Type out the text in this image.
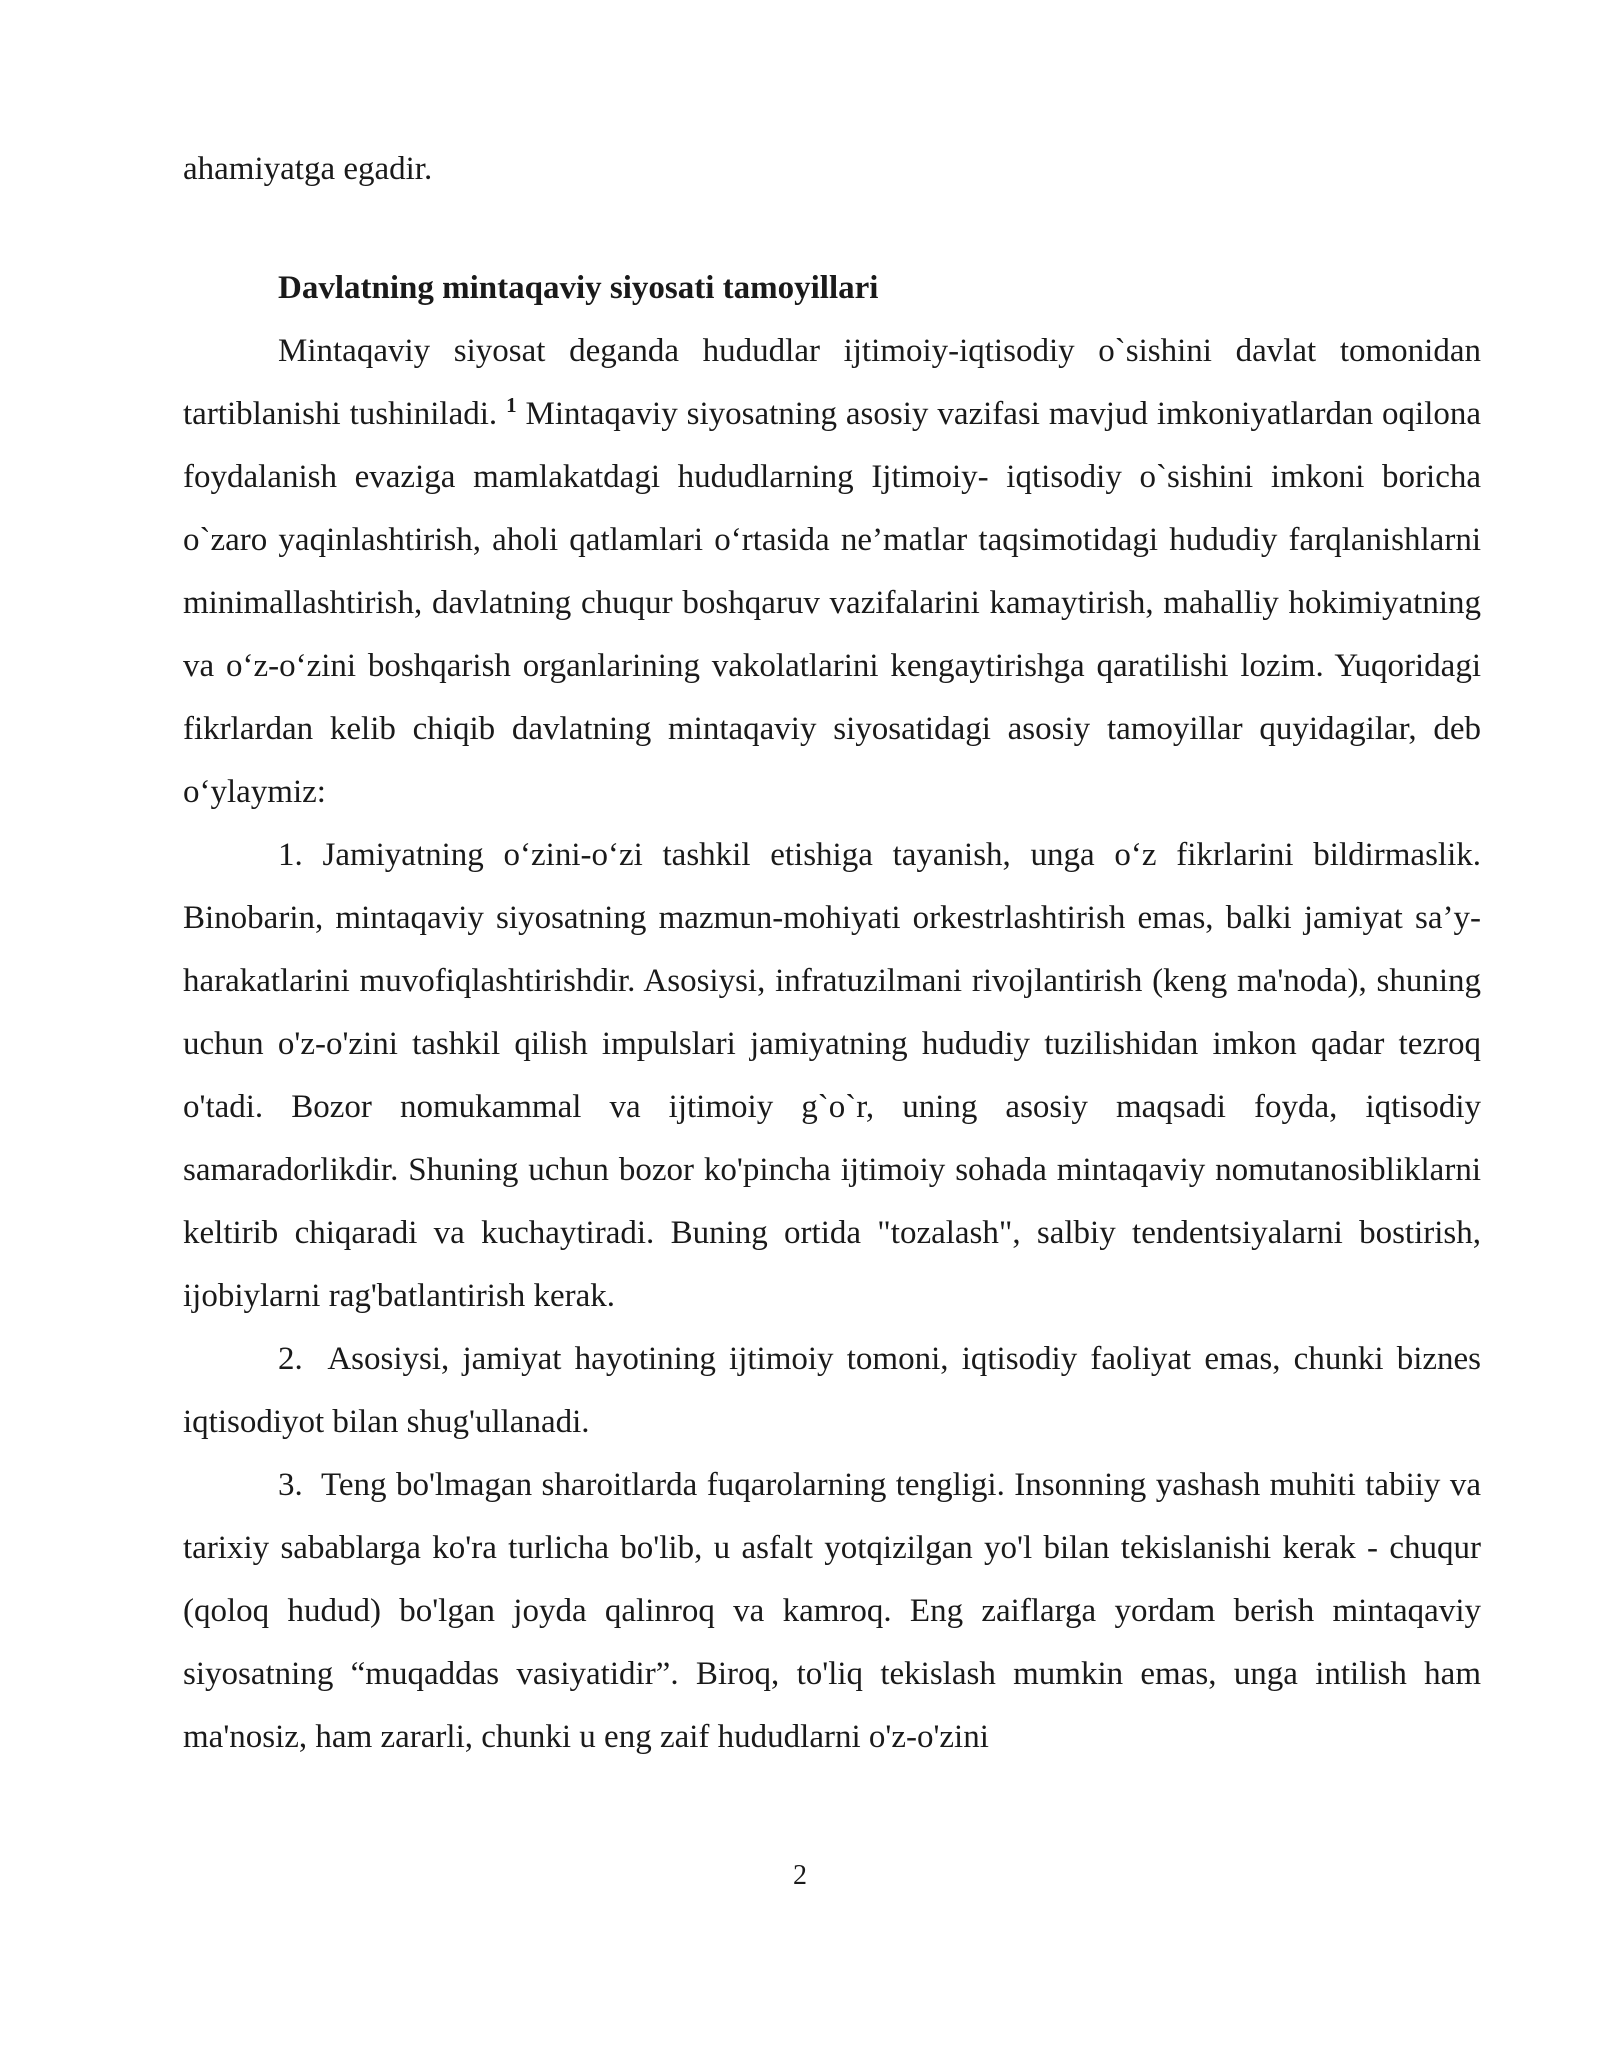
ahamiyatga egadir.

Davlatning mintaqaviy siyosati tamoyillari

Mintaqaviy siyosat deganda hududlar ijtimoiy-iqtisodiy o`sishini davlat tomonidan tartiblanishi tushiniladi. $^1$ Mintaqaviy siyosatning asosiy vazifasi mavjud imkoniyatlardan oqilona foydalanish evaziga mamlakatdagi hududlarning Ijtimoiy- iqtisodiy o`sishini imkoni boricha o`zaro yaqinlashtirish, aholi qatlamlari o‘rtasida ne’matlar taqsimotidagi hududiy farqlanishlarni minimallashtirish, davlatning chuqur boshqaruv vazifalarini kamaytirish, mahalliy hokimiyatning va o‘z-o‘zini boshqarish organlarining vakolatlarini kengaytirishga qaratilishi lozim. Yuqoridagi fikrlardan kelib chiqib davlatning mintaqaviy siyosatidagi asosiy tamoyillar quyidagilar, deb o‘ylaymiz:

1. Jamiyatning o‘zini-o‘zi tashkil etishiga tayanish, unga o‘z fikrlarini bildirmaslik. Binobarin, mintaqaviy siyosatning mazmun-mohiyati orkestrlashtirish emas, balki jamiyat sa’y-harakatlarini muvofiqlashtirishdir. Asosiysi, infratuzilmani rivojlantirish (keng ma'noda), shuning uchun o'z-o'zini tashkil qilish impulslari jamiyatning hududiy tuzilishidan imkon qadar tezroq o'tadi. Bozor nomukammal va ijtimoiy g`o`r, uning asosiy maqsadi foyda, iqtisodiy samaradorlikdir. Shuning uchun bozor ko'pincha ijtimoiy sohada mintaqaviy nomutanosibliklarni keltirib chiqaradi va kuchaytiradi. Buning ortida "tozalash", salbiy tendentsiyalarni bostirish, ijobiylarni rag'batlantirish kerak.

2. Asosiysi, jamiyat hayotining ijtimoiy tomoni, iqtisodiy faoliyat emas, chunki biznes iqtisodiyot bilan shug'ullanadi.

3. Teng bo'lmagan sharoitlarda fuqarolarning tengligi. Insonning yashash muhiti tabiiy va tarixiy sabablarga ko'ra turlicha bo'lib, u asfalt yotqizilgan yo'l bilan tekislanishi kerak - chuqur (qoloq hudud) bo'lgan joyda qalinroq va kamroq. Eng zaiflarga yordam berish mintaqaviy siyosatning “muqaddas vasiyatidir”. Biroq, to'liq tekislash mumkin emas, unga intilish ham ma'nosiz, ham zararli, chunki u eng zaif hududlarni o'z-o'zini

2
